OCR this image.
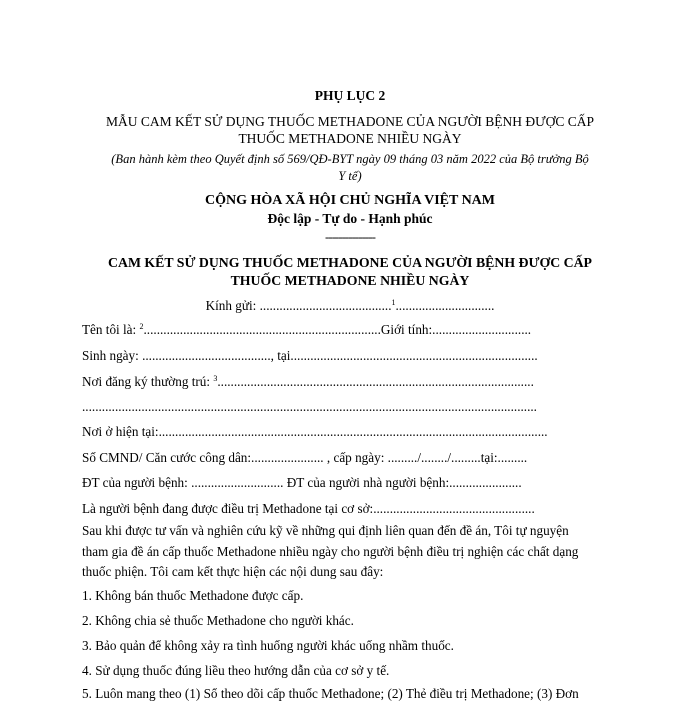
PHỤ LỤC 2
MẪU CAM KẾT SỬ DỤNG THUỐC METHADONE CỦA NGƯỜI BỆNH ĐƯỢC CẤP
THUỐC METHADONE NHIỀU NGÀY
(Ban hành kèm theo Quyết định số 569/QĐ-BYT ngày 09 tháng 03 năm 2022 của Bộ trưởng Bộ
Y tế)
CỘNG HÒA XÃ HỘI CHỦ NGHĨA VIỆT NAM
Độc lập - Tự do - Hạnh phúc
---------------
CAM KẾT SỬ DỤNG THUỐC METHADONE CỦA NGƯỜI BỆNH ĐƯỢC CẤP
THUỐC METHADONE NHIỀU NGÀY
Kính gửi: ........................................$^1$..............................
Tên tôi là: $^2$........................................................................Giới tính:..............................
Sinh ngày: ......................................., tại...........................................................................
Nơi đăng ký thường trú: $^3$................................................................................................
..........................................................................................................................................
Nơi ở hiện tại:......................................................................................................................
Số CMND/ Căn cước công dân:...................... , cấp ngày: ........./......../.........tại:.........
ĐT của người bệnh: ............................ ĐT của người nhà người bệnh:......................
Là người bệnh đang được điều trị Methadone tại cơ sở:.................................................
Sau khi được tư vấn và nghiên cứu kỹ về những qui định liên quan đến đề án, Tôi tự nguyện
tham gia đề án cấp thuốc Methadone nhiều ngày cho người bệnh điều trị nghiện các chất dạng
thuốc phiện. Tôi cam kết thực hiện các nội dung sau đây:
1. Không bán thuốc Methadone được cấp.
2. Không chia sẻ thuốc Methadone cho người khác.
3. Bảo quản để không xảy ra tình huống người khác uống nhầm thuốc.
4. Sử dụng thuốc đúng liều theo hướng dẫn của cơ sở y tế.
5. Luôn mang theo (1) Sổ theo dõi cấp thuốc Methadone; (2) Thẻ điều trị Methadone; (3) Đơn
